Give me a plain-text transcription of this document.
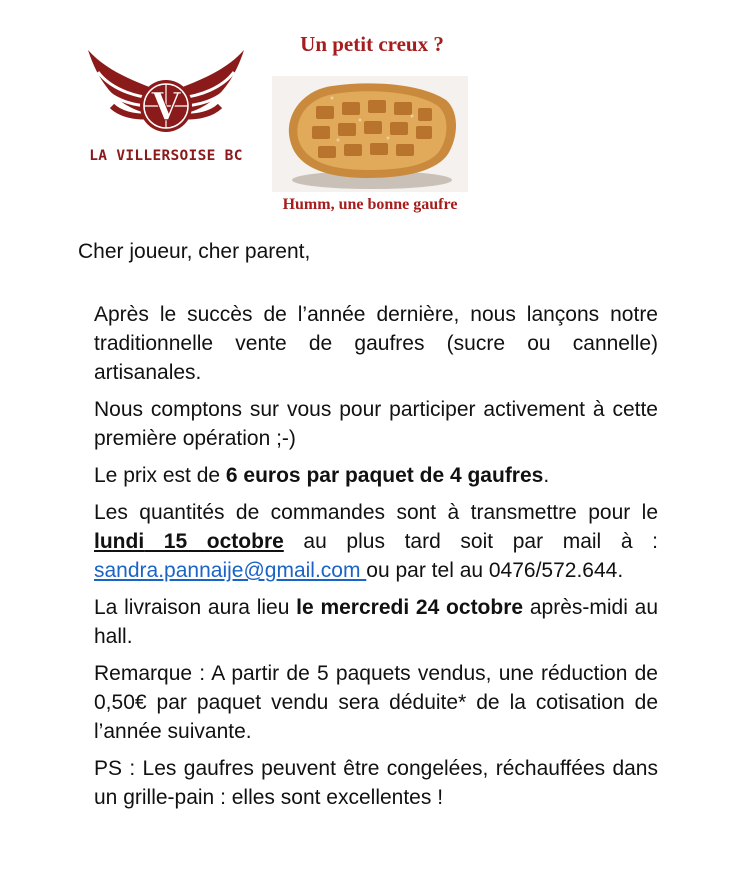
V
LA VILLERSOISE BC
Un petit creux ?
Humm, une bonne gaufre
Cher joueur, cher parent,

Après le succès de l’année dernière, nous lançons notre traditionnelle vente de gaufres (sucre ou cannelle) artisanales.

Nous comptons sur vous pour participer activement à cette première opération ;-)

Le prix est de 6 euros par paquet de 4 gaufres.

Les quantités de commandes sont à transmettre pour le lundi 15 octobre au plus tard soit par mail à : sandra.pannaije@gmail.com ou par tel au 0476/572.644.

La livraison aura lieu le mercredi 24 octobre après-midi au hall.

Remarque : A partir de 5 paquets vendus, une réduction de 0,50€ par paquet vendu sera déduite* de la cotisation de l’année suivante.

PS : Les gaufres peuvent être congelées, réchauffées dans un grille-pain : elles sont excellentes !
